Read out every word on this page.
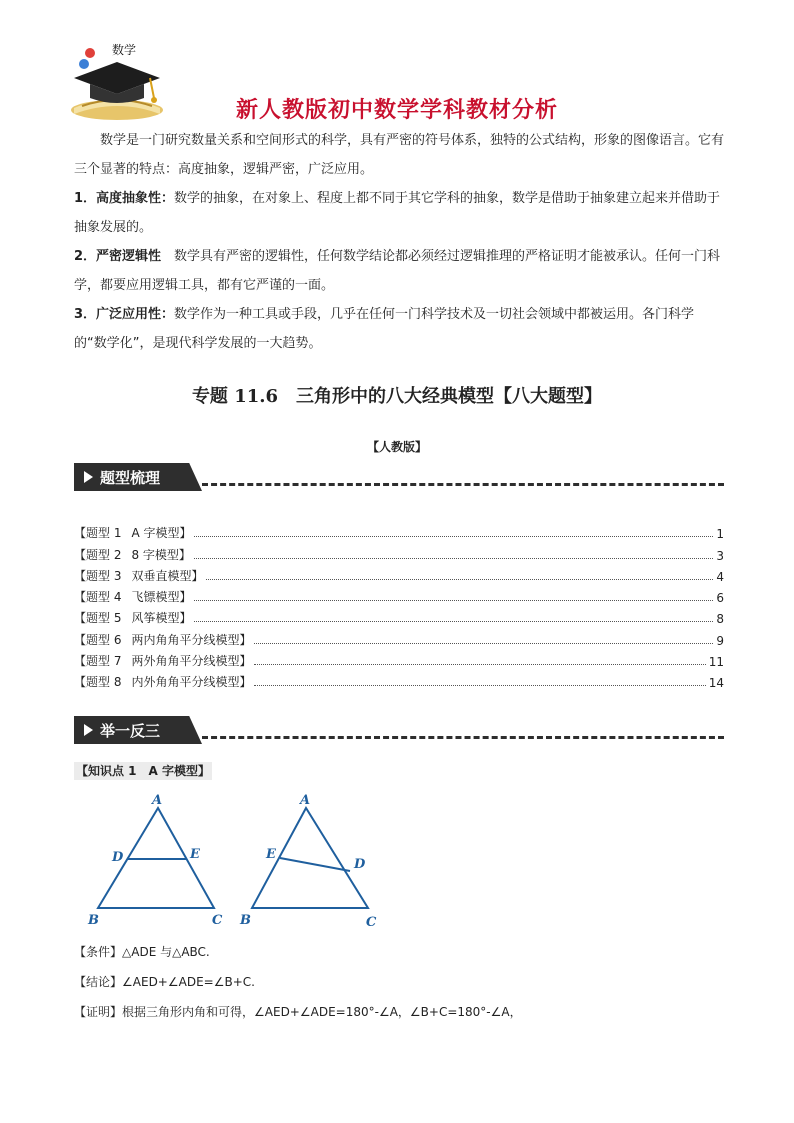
数学
新人教版初中数学学科教材分析
数学是一门研究数量关系和空间形式的科学，具有严密的符号体系，独特的公式结构，形象的图像语言。它有三个显著的特点：高度抽象，逻辑严密，广泛应用。
1．高度抽象性：数学的抽象，在对象上、程度上都不同于其它学科的抽象，数学是借助于抽象建立起来并借助于抽象发展的。
2．严密逻辑性　数学具有严密的逻辑性，任何数学结论都必须经过逻辑推理的严格证明才能被承认。任何一门科学，都要应用逻辑工具，都有它严谨的一面。
3．广泛应用性：数学作为一种工具或手段，几乎在任何一门科学技术及一切社会领域中都被运用。各门科学的“数学化”，是现代科学发展的一大趋势。
专题 11.6　三角形中的八大经典模型【八大题型】
【人教版】
题型梳理
【题型 1 A 字模型】	1
【题型 2 8 字模型】	3
【题型 3 双垂直模型】	4
【题型 4 飞镖模型】	6
【题型 5 风筝模型】	8
【题型 6 两内角角平分线模型】	9
【题型 7 两外角角平分线模型】	11
【题型 8 内外角角平分线模型】	14
举一反三
【知识点 1　A 字模型】
A
B	C
D	E
A
B	C
D
E
【条件】△ADE 与△ABC.
【结论】∠AED+∠ADE=∠B+C.
【证明】根据三角形内角和可得，∠AED+∠ADE=180°-∠A，∠B+C=180°-∠A，
